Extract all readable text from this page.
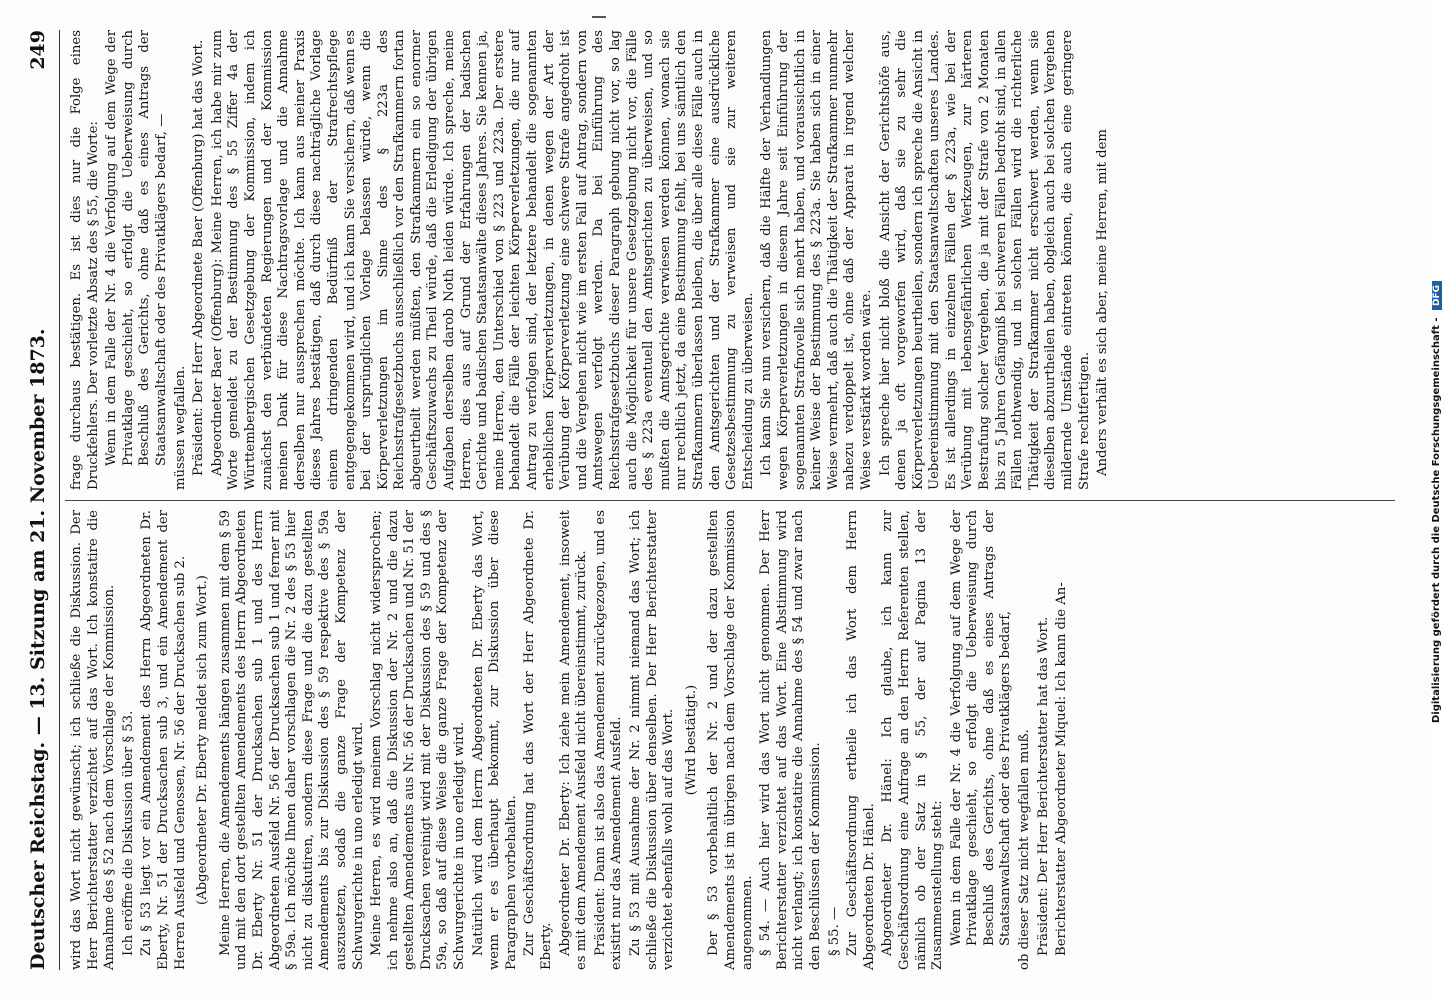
Deutscher Reichstag. — 13. Sitzung am 21. November 1873.
249

wird das Wort nicht gewünscht; ich schließe die Diskussion. Der Herr Berichterstatter verzichtet auf das Wort. Ich konstatire die Annahme des § 52 nach dem Vorschlage der Kommission. Ich eröffne die Diskussion über § 53. Zu § 53 liegt vor ein Amendement des Herrn Abgeordneten Dr. Eberty, Nr. 51 der Drucksachen sub 3, und ein Amendement der Herren Ausfeld und Genossen, Nr. 56 der Drucksachen sub 2. (Abgeordneter Dr. Eberty meldet sich zum Wort.) Meine Herren, die Amendements hängen zusammen mit dem § 59 und mit den dort gestellten Amendements des Herrn Abgeordneten Dr. Eberty Nr. 51 der Drucksachen sub 1 und des Herrn Abgeordneten Ausfeld Nr. 56 der Drucksachen sub 1 und ferner mit § 59a. Ich möchte Ihnen daher vorschlagen die Nr. 2 des § 53 hier nicht zu diskutiren, sondern diese Frage und die dazu gestellten Amendements bis zur Diskussion des § 59 respektive des § 59a auszusetzen, sodaß die ganze Frage der Kompetenz der Schwurgerichte in uno erledigt wird. Meine Herren, es wird meinem Vorschlag nicht widersprochen; ich nehme also an, daß die Diskussion der Nr. 2 und die dazu gestellten Amendements aus Nr. 56 der Drucksachen und Nr. 51 der Drucksachen vereinigt wird mit der Diskussion des § 59 und des § 59a, so daß auf diese Weise die ganze Frage der Kompetenz der Schwurgerichte in uno erledigt wird. Natürlich wird dem Herrn Abgeordneten Dr. Eberty das Wort, wenn er es überhaupt bekommt, zur Diskussion über diese Paragraphen vorbehalten. Zur Geschäftsordnung hat das Wort der Herr Abgeordnete Dr. Eberty. Abgeordneter Dr. Eberty: Ich ziehe mein Amendement, insoweit es mit dem Amendement Ausfeld nicht übereinstimmt, zurück. Präsident: Dann ist also das Amendement zurückgezogen, und es existirt nur das Amendement Ausfeld. Zu § 53 mit Ausnahme der Nr. 2 nimmt niemand das Wort; ich schließe die Diskussion über denselben. Der Herr Berichterstatter verzichtet ebenfalls wohl auf das Wort. (Wird bestätigt.) Der § 53 vorbehaltlich der Nr. 2 und der dazu gestellten Amendements ist im übrigen nach dem Vorschlage der Kommission angenommen. § 54. — Auch hier wird das Wort nicht genommen. Der Herr Berichterstatter verzichtet auf das Wort. Eine Abstimmung wird nicht verlangt; ich konstatire die Annahme des § 54 und zwar nach den Beschlüssen der Kommission. § 55. — Zur Geschäftsordnung ertheile ich das Wort dem Herrn Abgeordneten Dr. Hänel. Abgeordneter Dr. Hänel: Ich glaube, ich kann zur Geschäftsordnung eine Anfrage an den Herrn Referenten stellen, nämlich ob der Satz in § 55, der auf Pagina 13 der Zusammenstellung steht: Wenn in dem Falle der Nr. 4 die Verfolgung auf dem Wege der Privatklage geschieht, so erfolgt die Ueberweisung durch Beschluß des Gerichts, ohne daß es eines Antrags der Staatsanwaltschaft oder des Privatklägers bedarf, ob dieser Satz nicht wegfallen muß. Präsident: Der Herr Berichterstatter hat das Wort. Berichterstatter Abgeordneter Miquel: Ich kann die An-

frage durchaus bestätigen. Es ist dies nur die Folge eines Druckfehlers. Der vorletzte Absatz des § 55, die Worte: Wenn in dem Falle der Nr. 4 die Verfolgung auf dem Wege der Privatklage geschieht, so erfolgt die Ueberweisung durch Beschluß des Gerichts, ohne daß es eines Antrags der Staatsanwaltschaft oder des Privatklägers bedarf, — müssen wegfallen. Präsident: Der Herr Abgeordnete Baer (Offenburg) hat das Wort. Abgeordneter Baer (Offenburg): Meine Herren, ich habe mir zum Worte gemeldet zu der Bestimmung des § 55 Ziffer 4a der Württembergischen Gesetzgebung der Kommission, indem ich zunächst den verbündeten Regierungen und der Kommission meinen Dank für diese Nachtragsvorlage und die Annahme derselben nur aussprechen möchte. Ich kann aus meiner Praxis dieses Jahres bestätigen, daß durch diese nachträgliche Vorlage einem dringenden Bedürfniß der Strafrechtspflege entgegengekommen wird, und ich kann Sie versichern, daß wenn es bei der ursprünglichen Vorlage belassen würde, wenn die Körperverletzungen im Sinne des § 223a des Reichsstrafgesetzbuchs ausschließlich vor den Strafkammern fortan abgeurtheilt werden müßten, den Strafkammern ein so enormer Geschäftszuwachs zu Theil würde, daß die Erledigung der übrigen Aufgaben derselben darob Noth leiden würde. Ich spreche, meine Herren, dies aus auf Grund der Erfahrungen der badischen Gerichte und badischen Staatsanwälte dieses Jahres. Sie kennen ja, meine Herren, den Unterschied von § 223 und 223a. Der erstere behandelt die Fälle der leichten Körperverletzungen, die nur auf Antrag zu verfolgen sind, der letztere behandelt die sogenannten erheblichen Körperverletzungen, in denen wegen der Art der Verübung der Körperverletzung eine schwere Strafe angedroht ist und die Vergehen nicht wie im ersten Fall auf Antrag, sondern von Amtswegen verfolgt werden. Da bei Einführung des Reichsstrafgesetzbuchs dieser Paragraph gebung nicht vor, so lag auch die Möglichkeit für unsere Gesetzgebung nicht vor, die Fälle des § 223a eventuell den Amtsgerichten zu überweisen, und so mußten die Amtsgerichte verwiesen werden können, wonach sie nur rechtlich jetzt, da eine Bestimmung fehlt, bei uns sämtlich den Strafkammern überlassen bleiben, die über alle diese Fälle auch in den Amtsgerichten und der Strafkammer eine ausdrückliche Gesetzesbestimmung zu verweisen und sie zur weiteren Entscheidung zu überweisen. Ich kann Sie nun versichern, daß die Hälfte der Verhandlungen wegen Körperverletzungen in diesem Jahre seit Einführung der sogenannten Strafnovelle sich mehrt haben, und voraussichtlich in keiner Weise der Bestimmung des § 223a. Sie haben sich in einer Weise vermehrt, daß auch die Thätigkeit der Strafkammer nunmehr nahezu verdoppelt ist, ohne daß der Apparat in irgend welcher Weise verstärkt worden wäre. Ich spreche hier nicht bloß die Ansicht der Gerichtshöfe aus, denen ja oft vorgeworfen wird, daß sie zu sehr die Körperverletzungen beurtheilen, sondern ich spreche die Ansicht in Uebereinstimmung mit den Staatsanwaltschaften unseres Landes. Es ist allerdings in einzelnen Fällen der § 223a, wie bei der Verübung mit lebensgefährlichen Werkzeugen, zur härteren Bestrafung solcher Vergehen, die ja mit der Strafe von 2 Monaten bis zu 5 Jahren Gefängniß bei schweren Fällen bedroht sind, in allen Fällen nothwendig, und in solchen Fällen wird die richterliche Thätigkeit der Strafkammer nicht erschwert werden, wenn sie dieselben abzuurtheilen haben, obgleich auch bei solchen Vergehen mildernde Umstände eintreten können, die auch eine geringere Strafe rechtfertigen. Anders verhält es sich aber, meine Herren, mit dem

Digitalisierung gefördert durch die Deutsche Forschungsgemeinschaft - DFG
